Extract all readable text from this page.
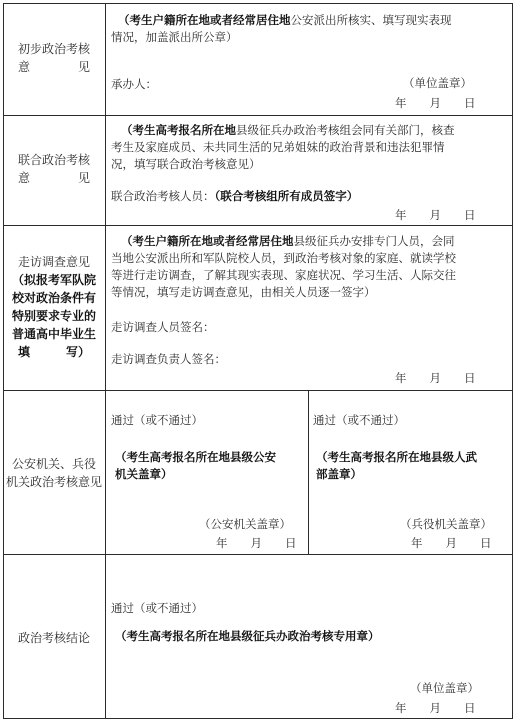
初步政治考核
意　　　　见
（考生户籍所在地或者经常居住地公安派出所核实、填写现实表现
情况，加盖派出所公章）
承办人：	（单位盖章）
年　　月　　日
联合政治考核
意　　　　见
（考生高考报名所在地县级征兵办政治考核组会同有关部门，核查
考生及家庭成员、未共同生活的兄弟姐妹的政治背景和违法犯罪情
况，填写联合政治考核意见）
联合政治考核人员：（联合考核组所有成员签字）
年　　月　　日
走访调查意见
（拟报考军队院
校对政治条件有
特别要求专业的
普通高中毕业生
填　　　写）
（考生户籍所在地或者经常居住地县级征兵办安排专门人员，会同
当地公安派出所和军队院校人员，到政治考核对象的家庭、就读学校
等进行走访调查，了解其现实表现、家庭状况、学习生活、人际交往
等情况，填写走访调查意见，由相关人员逐一签字）
走访调查人员签名：
走访调查负责人签名：
年　　月　　日
公安机关、兵役
机关政治考核意见
通过（或不通过）
（考生高考报名所在地县级公安
机关盖章）
（公安机关盖章）
年　　月　　日
通过（或不通过）
（考生高考报名所在地县级人武
部盖章）
（兵役机关盖章）
年　　月　　日
政治考核结论
通过（或不通过）
（考生高考报名所在地县级征兵办政治考核专用章）
（单位盖章）
年　　月　　日
